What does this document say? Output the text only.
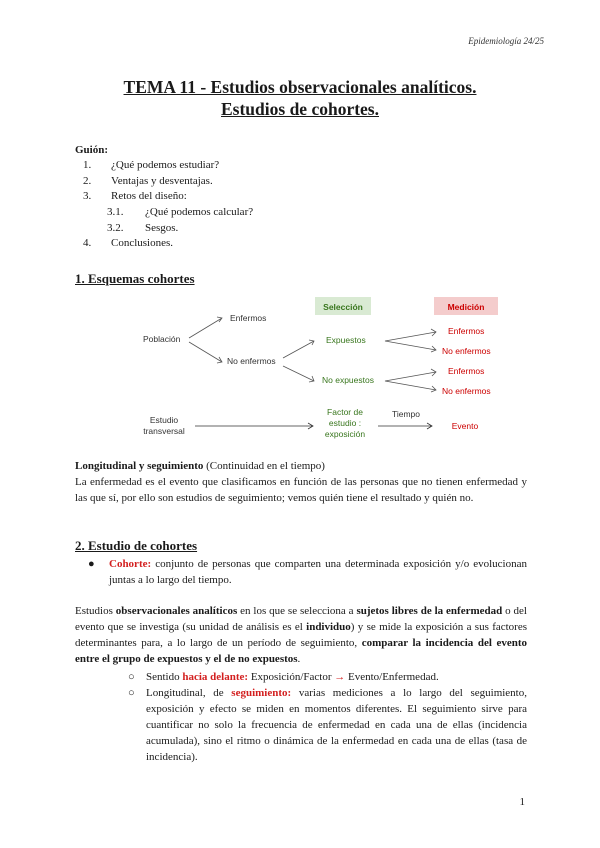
Epidemiología 24/25
TEMA 11 - Estudios observacionales analíticos.
Estudios de cohortes.
Guión:
1. ¿Qué podemos estudiar?
2. Ventajas y desventajas.
3. Retos del diseño:
3.1. ¿Qué podemos calcular?
3.2. Sesgos.
4. Conclusiones.
1. Esquemas cohortes
Selección	Medición
Población
Enfermos
No enfermos
Expuestos
No expuestos
Enfermos
No enfermos
Enfermos
No enfermos
Estudio
transversal
Factor de
estudio :
exposición
Tiempo
Evento
Longitudinal y seguimiento (Continuidad en el tiempo)
La enfermedad es el evento que clasificamos en función de las personas que no tienen enfermedad y las que sí, por ello son estudios de seguimiento; vemos quién tiene el resultado y quién no.
2. Estudio de cohortes
● Cohorte: conjunto de personas que comparten una determinada exposición y/o evolucionan juntas a lo largo del tiempo.
Estudios observacionales analíticos en los que se selecciona a sujetos libres de la enfermedad o del evento que se investiga (su unidad de análisis es el individuo) y se mide la exposición a sus factores determinantes para, a lo largo de un período de seguimiento, comparar la incidencia del evento entre el grupo de expuestos y el de no expuestos.
○ Sentido hacia delante: Exposición/Factor → Evento/Enfermedad.
○ Longitudinal, de seguimiento: varias mediciones a lo largo del seguimiento, exposición y efecto se miden en momentos diferentes. El seguimiento sirve para cuantificar no solo la frecuencia de enfermedad en cada una de ellas (incidencia acumulada), sino el ritmo o dinámica de la enfermedad en cada una de ellas (tasa de incidencia).
1
